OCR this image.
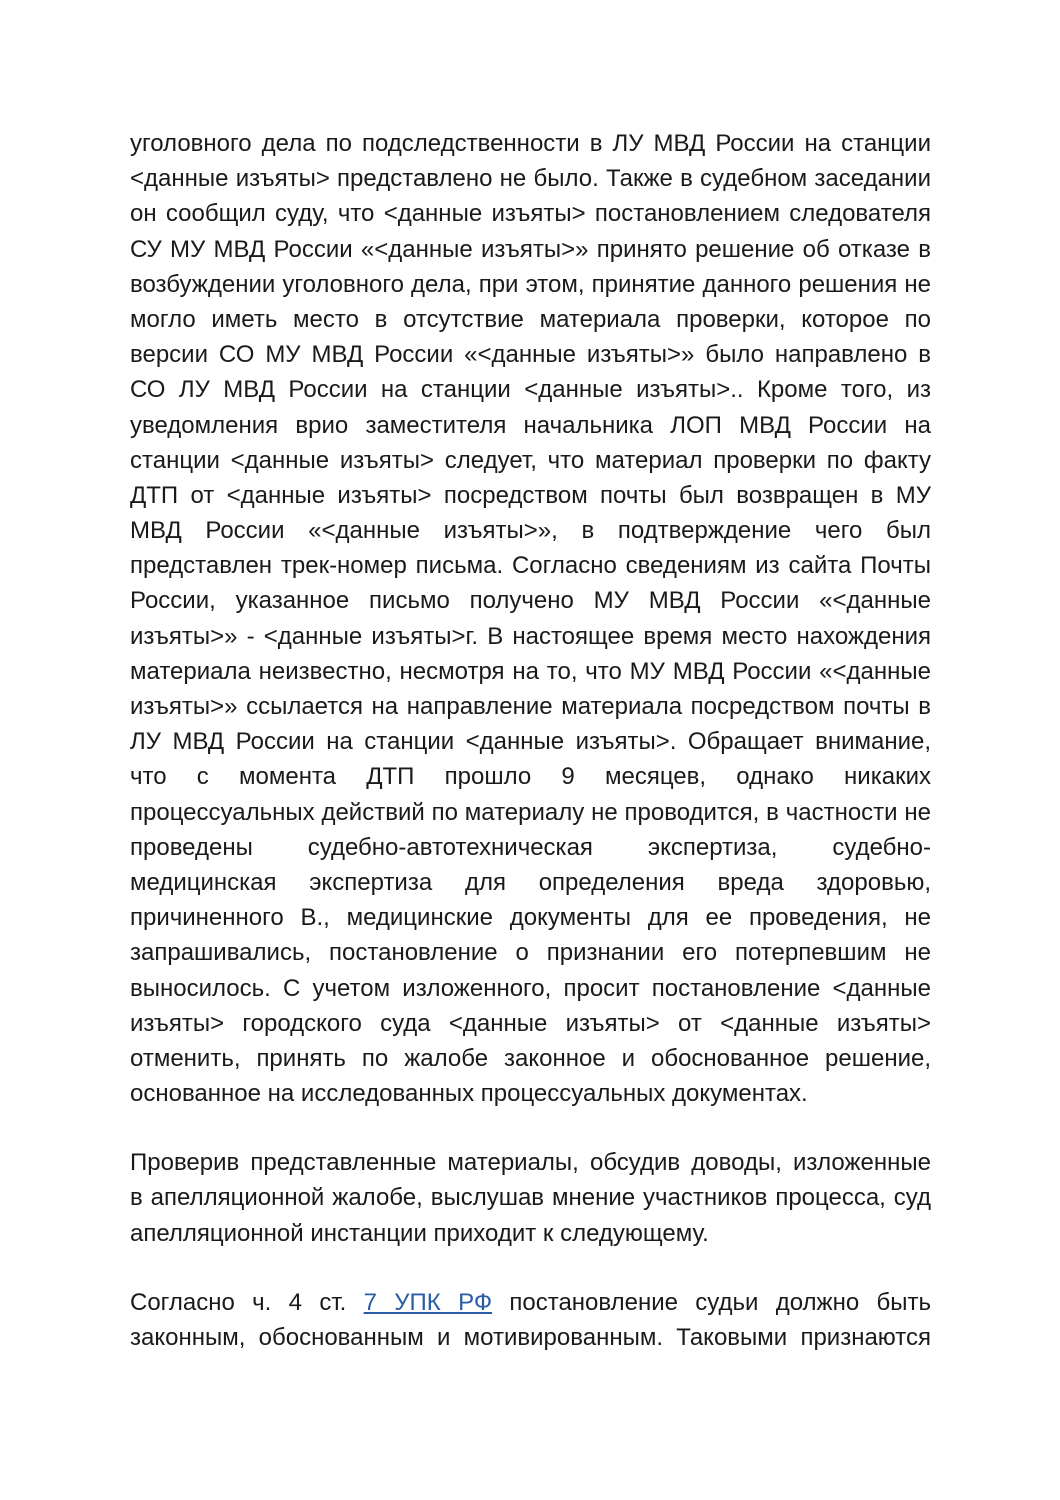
уголовного дела по подследственности в ЛУ МВД России на станции
<данные изъяты> представлено не было. Также в судебном заседании
он сообщил суду, что <данные изъяты> постановлением следователя
СУ МУ МВД России «<данные изъяты>» принято решение об отказе в
возбуждении уголовного дела, при этом, принятие данного решения не
могло иметь место в отсутствие материала проверки, которое по
версии СО МУ МВД России «<данные изъяты>» было направлено в
СО ЛУ МВД России на станции <данные изъяты>.. Кроме того, из
уведомления врио заместителя начальника ЛОП МВД России на
станции <данные изъяты> следует, что материал проверки по факту
ДТП от <данные изъяты> посредством почты был возвращен в МУ
МВД России «<данные изъяты>», в подтверждение чего был
представлен трек-номер письма. Согласно сведениям из сайта Почты
России, указанное письмо получено МУ МВД России «<данные
изъяты>» - <данные изъяты>г. В настоящее время место нахождения
материала неизвестно, несмотря на то, что МУ МВД России «<данные
изъяты>» ссылается на направление материала посредством почты в
ЛУ МВД России на станции <данные изъяты>. Обращает внимание,
что с момента ДТП прошло 9 месяцев, однако никаких
процессуальных действий по материалу не проводится, в частности не
проведены судебно-автотехническая экспертиза, судебно-
медицинская экспертиза для определения вреда здоровью,
причиненного В., медицинские документы для ее проведения, не
запрашивались, постановление о признании его потерпевшим не
выносилось. С учетом изложенного, просит постановление <данные
изъяты> городского суда <данные изъяты> от <данные изъяты>
отменить, принять по жалобе законное и обоснованное решение,
основанное на исследованных процессуальных документах.
Проверив представленные материалы, обсудив доводы, изложенные
в апелляционной жалобе, выслушав мнение участников процесса, суд
апелляционной инстанции приходит к следующему.
Согласно ч. 4 ст. 7 УПК РФ постановление судьи должно быть
законным, обоснованным и мотивированным. Таковыми признаются
